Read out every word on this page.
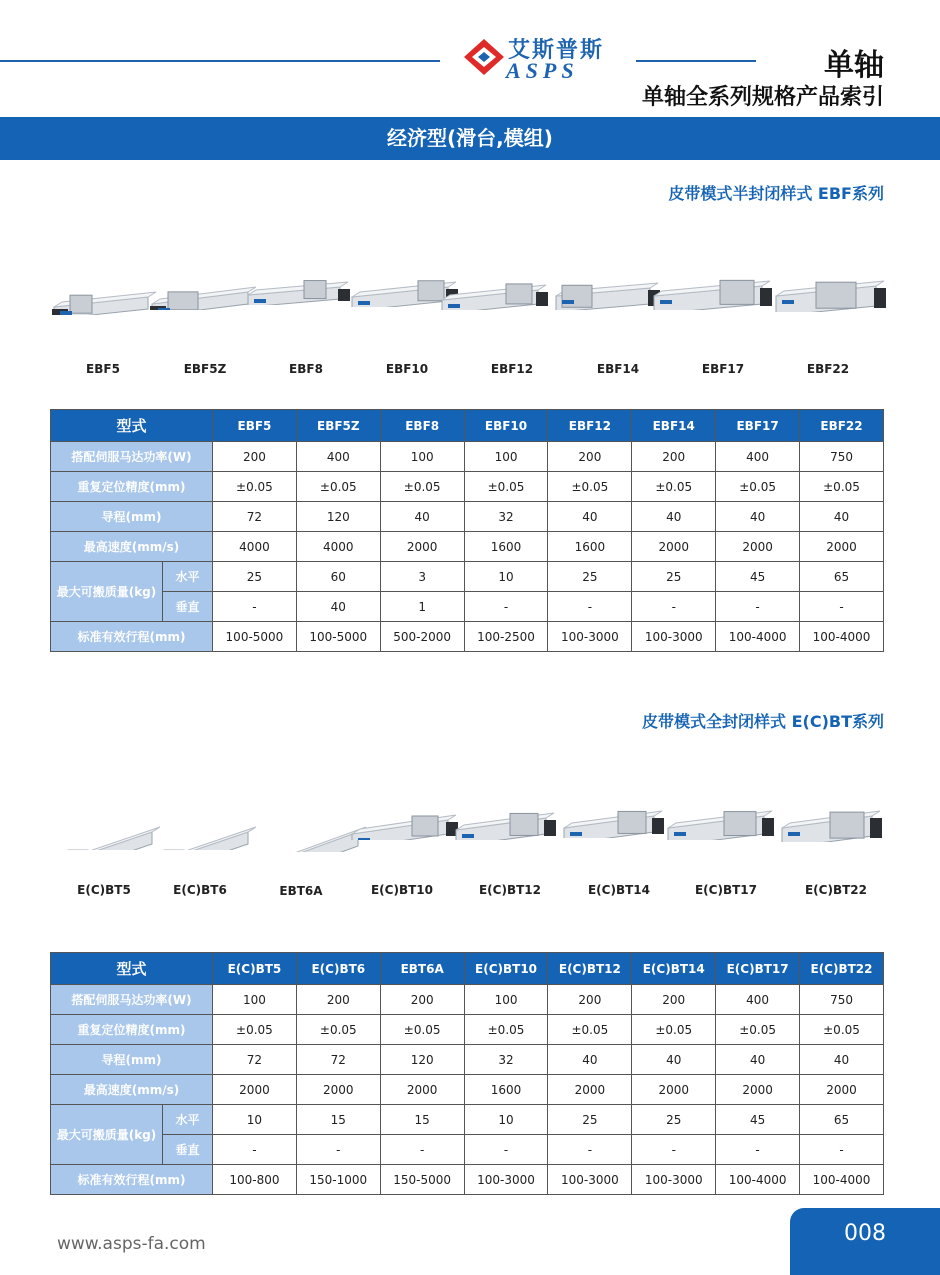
艾斯普斯
ASPS	单轴
单轴全系列规格产品索引
经济型(滑台,模组)
皮带模式半封闭样式 EBF系列
EBF5	EBF5Z	EBF8	EBF10	EBF12	EBF14	EBF17	EBF22
型式		EBF5	EBF5Z	EBF8	EBF10	EBF12	EBF14	EBF17	EBF22
搭配伺服马达功率(W)		200	400	100	100	200	200	400	750
重复定位精度(mm)		±0.05	±0.05	±0.05	±0.05	±0.05	±0.05	±0.05	±0.05
导程(mm)		72	120	40	32	40	40	40	40
最高速度(mm/s)		4000	4000	2000	1600	1600	2000	2000	2000
最大可搬质量(kg)	水平	25	60	3	10	25	25	45	65
	垂直	-	40	1	-	-	-	-	-
标准有效行程(mm)		100-5000	100-5000	500-2000	100-2500	100-3000	100-3000	100-4000	100-4000
皮带模式全封闭样式 E(C)BT系列
E(C)BT5	E(C)BT6	EBT6A	E(C)BT10	E(C)BT12	E(C)BT14	E(C)BT17	E(C)BT22
型式		E(C)BT5	E(C)BT6	EBT6A	E(C)BT10	E(C)BT12	E(C)BT14	E(C)BT17	E(C)BT22
搭配伺服马达功率(W)		100	200	200	100	200	200	400	750
重复定位精度(mm)		±0.05	±0.05	±0.05	±0.05	±0.05	±0.05	±0.05	±0.05
导程(mm)		72	72	120	32	40	40	40	40
最高速度(mm/s)		2000	2000	2000	1600	2000	2000	2000	2000
最大可搬质量(kg)	水平	10	15	15	10	25	25	45	65
	垂直	-	-	-	-	-	-	-	-
标准有效行程(mm)		100-800	150-1000	150-5000	100-3000	100-3000	100-3000	100-4000	100-4000
www.asps-fa.com	008
